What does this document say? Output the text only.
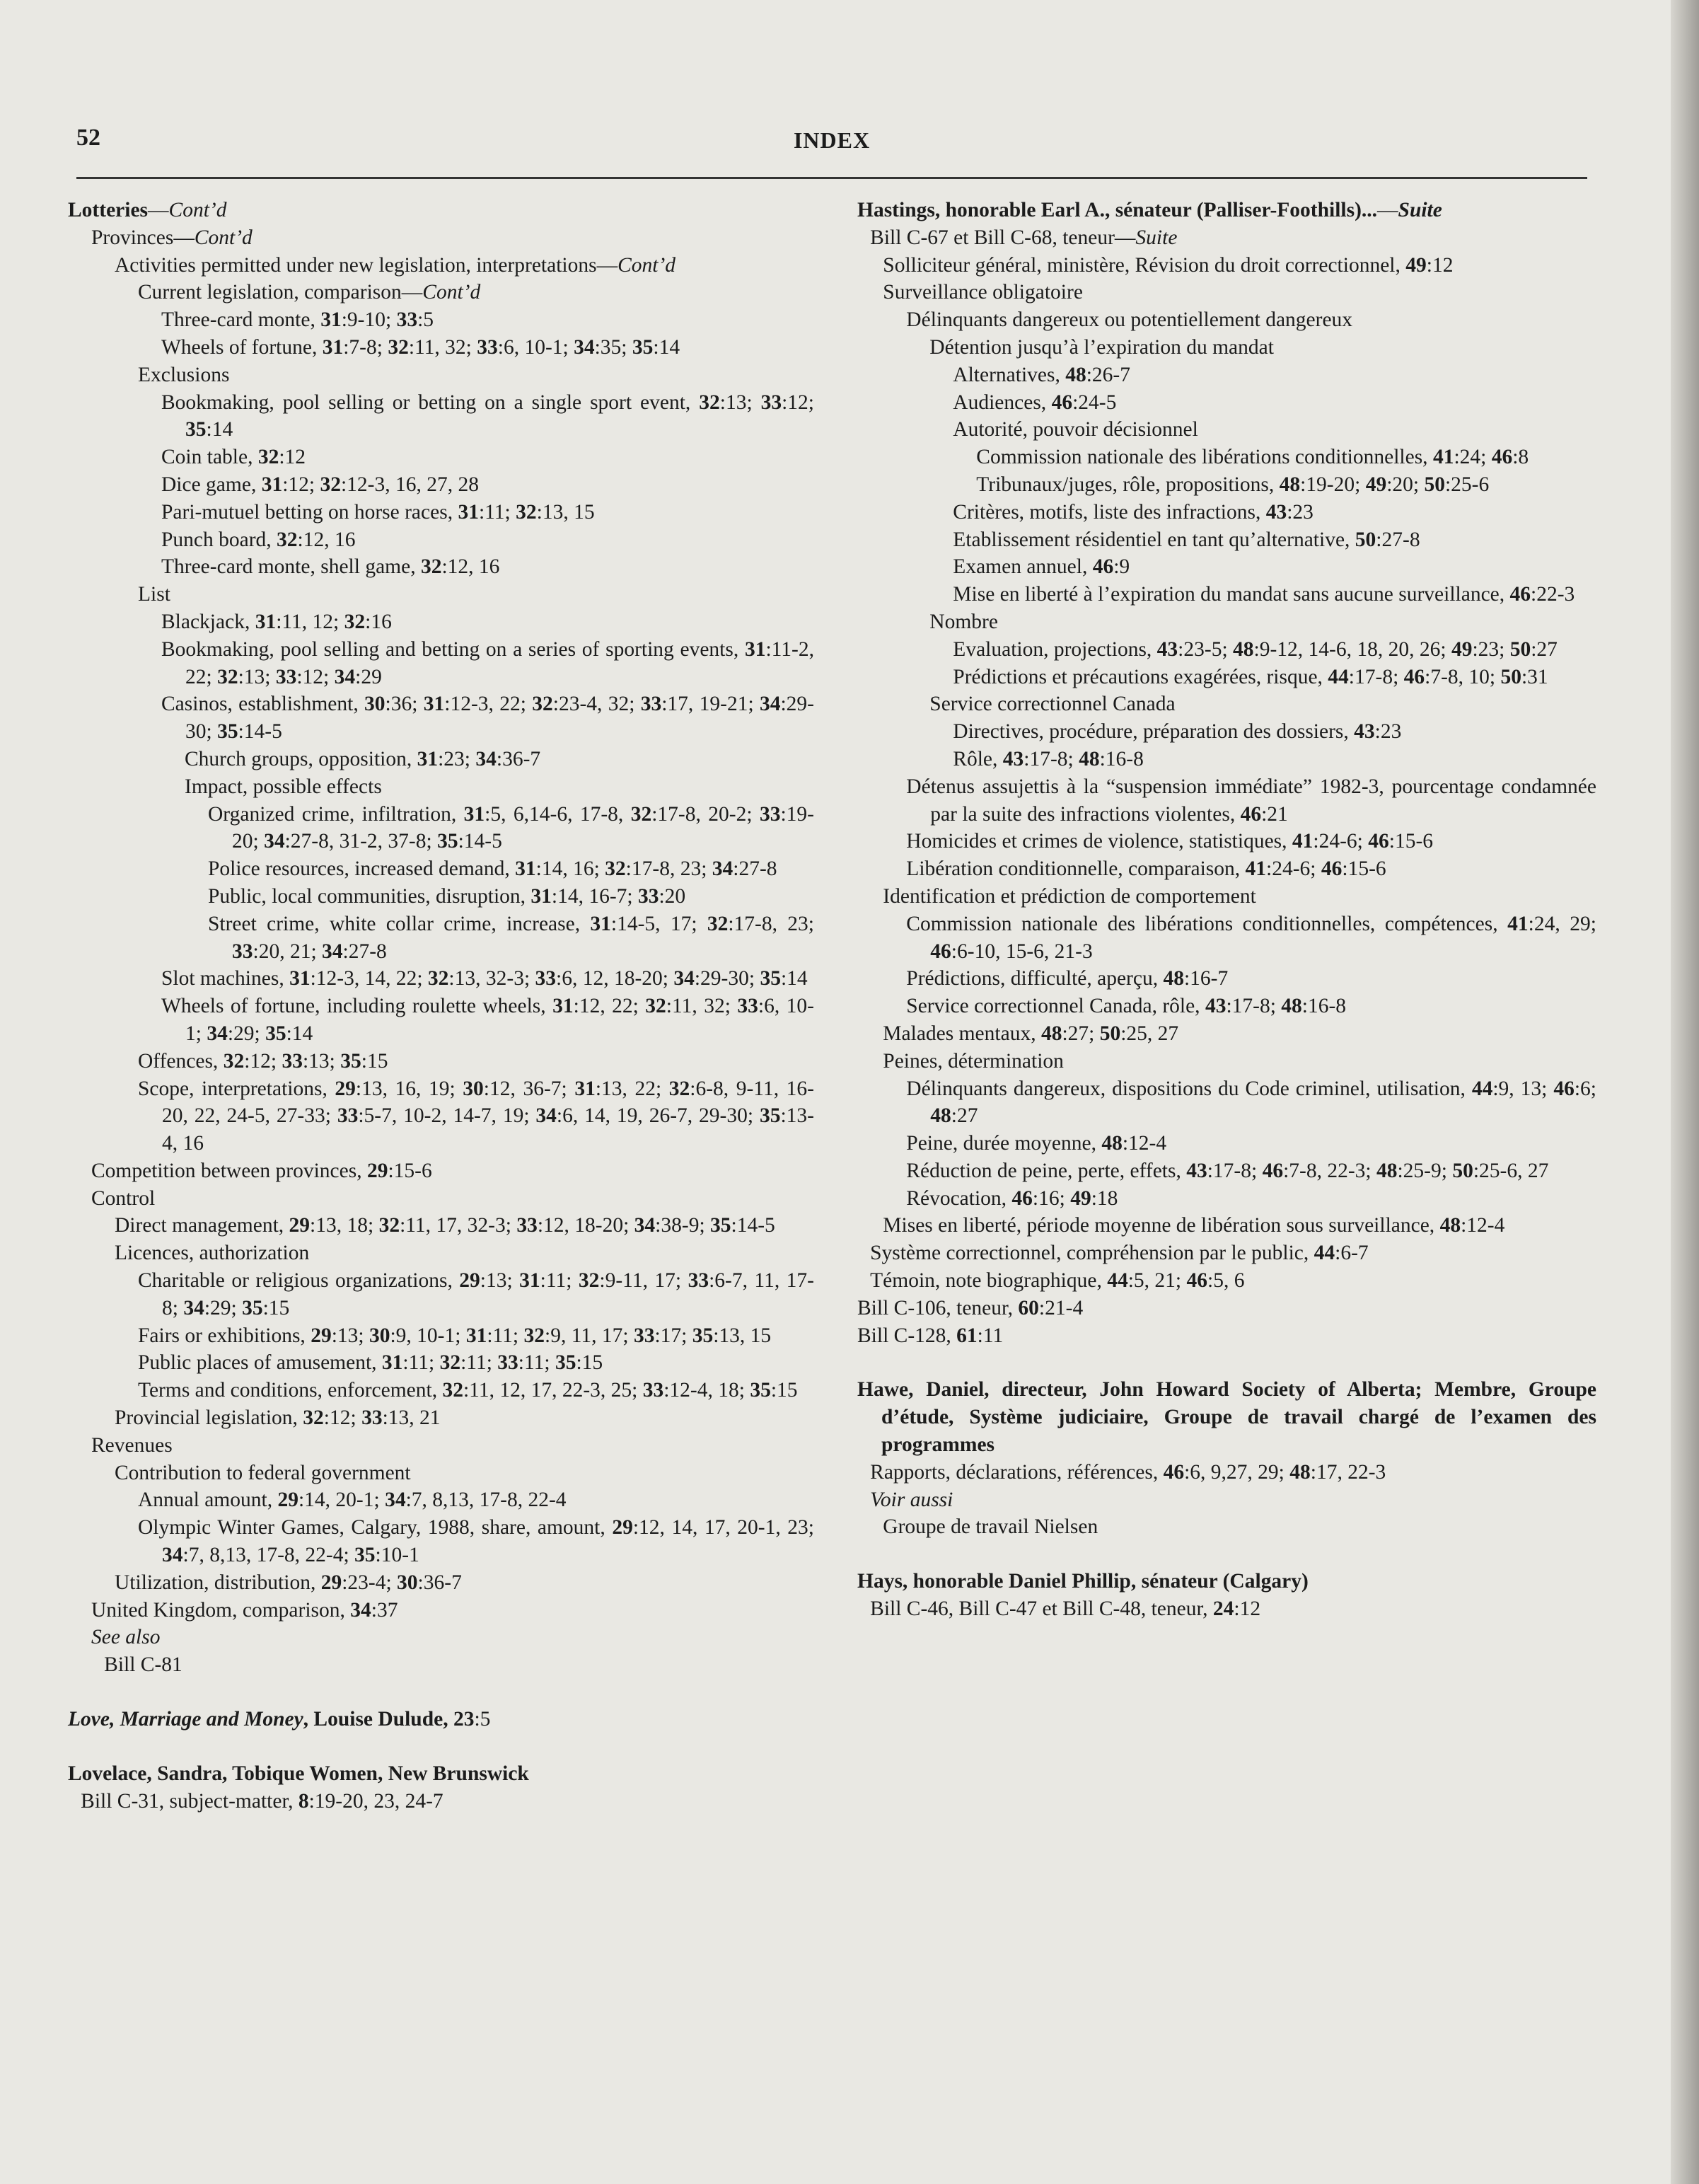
52	INDEX
Lotteries—Cont’d
Provinces—Cont’d
Activities permitted under new legislation, interpretations—Cont’d
Current legislation, comparison—Cont’d
Three-card monte, 31:9-10; 33:5
Wheels of fortune, 31:7-8; 32:11, 32; 33:6, 10-1; 34:35; 35:14
Exclusions
Bookmaking, pool selling or betting on a single sport event, 32:13; 33:12; 35:14
Coin table, 32:12
Dice game, 31:12; 32:12-3, 16, 27, 28
Pari-mutuel betting on horse races, 31:11; 32:13, 15
Punch board, 32:12, 16
Three-card monte, shell game, 32:12, 16
List
Blackjack, 31:11, 12; 32:16
Bookmaking, pool selling and betting on a series of sporting events, 31:11-2, 22; 32:13; 33:12; 34:29
Casinos, establishment, 30:36; 31:12-3, 22; 32:23-4, 32; 33:17, 19-21; 34:29-30; 35:14-5
Church groups, opposition, 31:23; 34:36-7
Impact, possible effects
Organized crime, infiltration, 31:5, 6,14-6, 17-8, 32:17-8, 20-2; 33:19-20; 34:27-8, 31-2, 37-8; 35:14-5
Police resources, increased demand, 31:14, 16; 32:17-8, 23; 34:27-8
Public, local communities, disruption, 31:14, 16-7; 33:20
Street crime, white collar crime, increase, 31:14-5, 17; 32:17-8, 23; 33:20, 21; 34:27-8
Slot machines, 31:12-3, 14, 22; 32:13, 32-3; 33:6, 12, 18-20; 34:29-30; 35:14
Wheels of fortune, including roulette wheels, 31:12, 22; 32:11, 32; 33:6, 10-1; 34:29; 35:14
Offences, 32:12; 33:13; 35:15
Scope, interpretations, 29:13, 16, 19; 30:12, 36-7; 31:13, 22; 32:6-8, 9-11, 16-20, 22, 24-5, 27-33; 33:5-7, 10-2, 14-7, 19; 34:6, 14, 19, 26-7, 29-30; 35:13-4, 16
Competition between provinces, 29:15-6
Control
Direct management, 29:13, 18; 32:11, 17, 32-3; 33:12, 18-20; 34:38-9; 35:14-5
Licences, authorization
Charitable or religious organizations, 29:13; 31:11; 32:9-11, 17; 33:6-7, 11, 17-8; 34:29; 35:15
Fairs or exhibitions, 29:13; 30:9, 10-1; 31:11; 32:9, 11, 17; 33:17; 35:13, 15
Public places of amusement, 31:11; 32:11; 33:11; 35:15
Terms and conditions, enforcement, 32:11, 12, 17, 22-3, 25; 33:12-4, 18; 35:15
Provincial legislation, 32:12; 33:13, 21
Revenues
Contribution to federal government
Annual amount, 29:14, 20-1; 34:7, 8,13, 17-8, 22-4
Olympic Winter Games, Calgary, 1988, share, amount, 29:12, 14, 17, 20-1, 23; 34:7, 8,13, 17-8, 22-4; 35:10-1
Utilization, distribution, 29:23-4; 30:36-7
United Kingdom, comparison, 34:37
See also
Bill C-81
Love, Marriage and Money, Louise Dulude, 23:5
Lovelace, Sandra, Tobique Women, New Brunswick
Bill C-31, subject-matter, 8:19-20, 23, 24-7
Hastings, honorable Earl A., sénateur (Palliser-Foothills)...—Suite
Bill C-67 et Bill C-68, teneur—Suite
Solliciteur général, ministère, Révision du droit correctionnel, 49:12
Surveillance obligatoire
Délinquants dangereux ou potentiellement dangereux
Détention jusqu’à l’expiration du mandat
Alternatives, 48:26-7
Audiences, 46:24-5
Autorité, pouvoir décisionnel
Commission nationale des libérations conditionnelles, 41:24; 46:8
Tribunaux/juges, rôle, propositions, 48:19-20; 49:20; 50:25-6
Critères, motifs, liste des infractions, 43:23
Etablissement résidentiel en tant qu’alternative, 50:27-8
Examen annuel, 46:9
Mise en liberté à l’expiration du mandat sans aucune surveillance, 46:22-3
Nombre
Evaluation, projections, 43:23-5; 48:9-12, 14-6, 18, 20, 26; 49:23; 50:27
Prédictions et précautions exagérées, risque, 44:17-8; 46:7-8, 10; 50:31
Service correctionnel Canada
Directives, procédure, préparation des dossiers, 43:23
Rôle, 43:17-8; 48:16-8
Détenus assujettis à la “suspension immédiate” 1982-3, pourcentage condamnée par la suite des infractions violentes, 46:21
Homicides et crimes de violence, statistiques, 41:24-6; 46:15-6
Libération conditionnelle, comparaison, 41:24-6; 46:15-6
Identification et prédiction de comportement
Commission nationale des libérations conditionnelles, compétences, 41:24, 29; 46:6-10, 15-6, 21-3
Prédictions, difficulté, aperçu, 48:16-7
Service correctionnel Canada, rôle, 43:17-8; 48:16-8
Malades mentaux, 48:27; 50:25, 27
Peines, détermination
Délinquants dangereux, dispositions du Code criminel, utilisation, 44:9, 13; 46:6; 48:27
Peine, durée moyenne, 48:12-4
Réduction de peine, perte, effets, 43:17-8; 46:7-8, 22-3; 48:25-9; 50:25-6, 27
Révocation, 46:16; 49:18
Mises en liberté, période moyenne de libération sous surveillance, 48:12-4
Système correctionnel, compréhension par le public, 44:6-7
Témoin, note biographique, 44:5, 21; 46:5, 6
Bill C-106, teneur, 60:21-4
Bill C-128, 61:11
Hawe, Daniel, directeur, John Howard Society of Alberta; Membre, Groupe d’étude, Système judiciaire, Groupe de travail chargé de l’examen des programmes
Rapports, déclarations, références, 46:6, 9,27, 29; 48:17, 22-3
Voir aussi
Groupe de travail Nielsen
Hays, honorable Daniel Phillip, sénateur (Calgary)
Bill C-46, Bill C-47 et Bill C-48, teneur, 24:12
